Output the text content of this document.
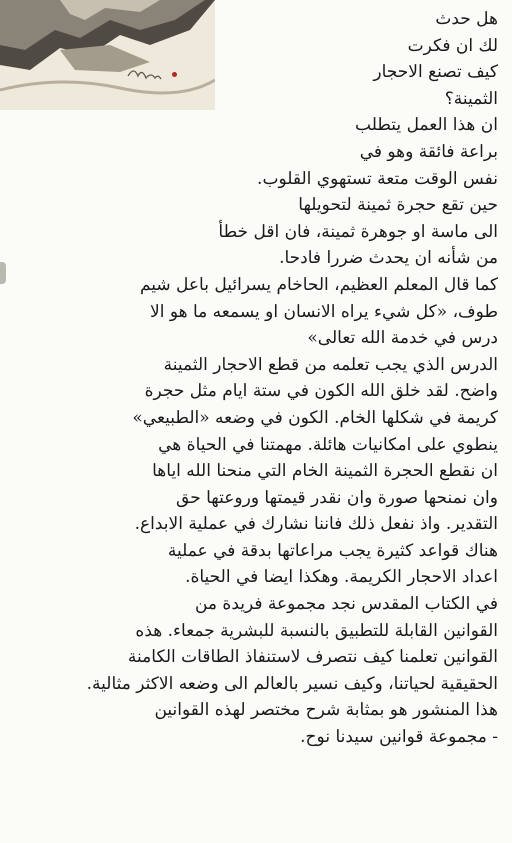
هل حدث
لك ان فكرت
كيف تصنع الاحجار
الثمينة؟
ان هذا العمل يتطلب
براعة فائقة وهو في
نفس الوقت متعة تستهوي القلوب.
حين تقع حجرة ثمينة لتحويلها
الى ماسة او جوهرة ثمينة، فان اقل خطأ
من شأنه ان يحدث ضررا فادحا.
كما قال المعلم العظيم، الحاخام يسرائيل باعل شيم
طوف، «كل شيء يراه الانسان او يسمعه ما هو الا
درس في خدمة الله تعالى»
الدرس الذي يجب تعلمه من قطع الاحجار الثمينة
واضح. لقد خلق الله الكون في ستة ايام مثل حجرة
كريمة في شكلها الخام. الكون في وضعه «الطبيعي»
ينطوي على امكانيات هائلة. مهمتنا في الحياة هي
ان نقطع الحجرة الثمينة الخام التي منحنا الله اياها
وان نمنحها صورة وان نقدر قيمتها وروعتها حق
التقدير. واذ نفعل ذلك فاننا نشارك في عملية الابداع.
هناك قواعد كثيرة يجب مراعاتها بدقة في عملية
اعداد الاحجار الكريمة. وهكذا ايضا في الحياة.
في الكتاب المقدس نجد مجموعة فريدة من
القوانين القابلة للتطبيق بالنسبة للبشرية جمعاء. هذه
القوانين تعلمنا كيف نتصرف لاستنفاذ الطاقات الكامنة
الحقيقية لحياتنا، وكيف نسير بالعالم الى وضعه الاكثر مثالية.
هذا المنشور هو بمثابة شرح مختصر لهذه القوانين
- مجموعة قوانين سيدنا نوح.
